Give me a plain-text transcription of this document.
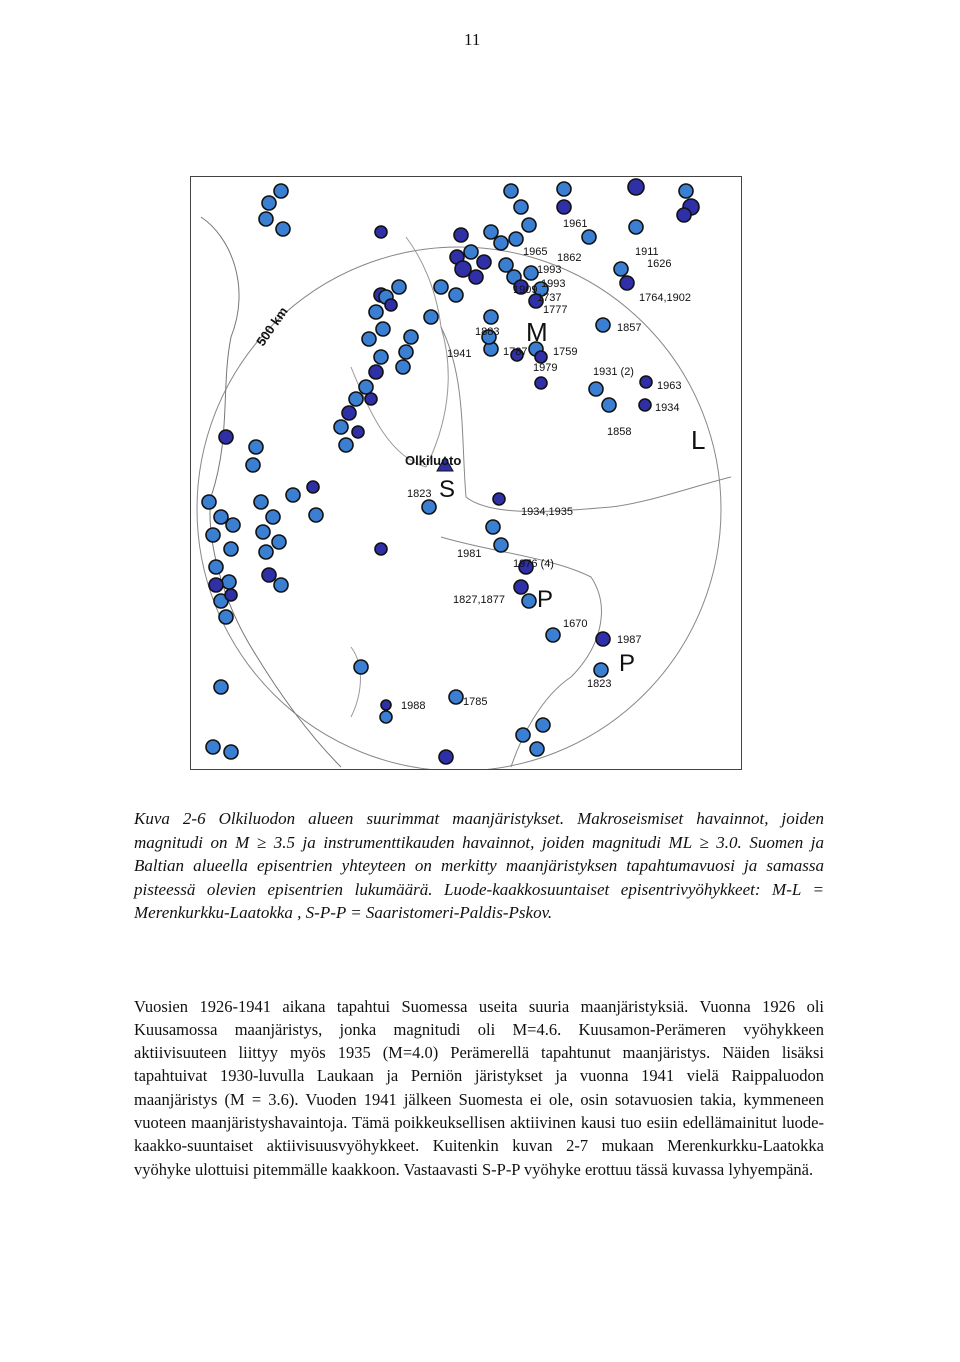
11
500 km
Olkiluoto
M
L
S
P
P
1961
1965 1862	1911
1626
1993
1993
1909
1737
1777
1764,1902
1883	1857
1941	1787 1759
1979	1931 (2)
1963
1934
1858
1823
1934,1935
1981
1976 (4)
1827,1877
1670
1987
1823
1988	1785

Kuva 2-6 Olkiluodon alueen suurimmat maanjäristykset. Makroseismiset havainnot, joiden magnitudi on M ≥ 3.5 ja instrumenttikauden havainnot, joiden magnitudi ML ≥ 3.0. Suomen ja Baltian alueella episentrien yhteyteen on merkitty maanjäristyksen tapahtumavuosi ja samassa pisteessä olevien episentrien lukumäärä. Luode-kaakkosuuntaiset episentrivyöhykkeet: M-L = Merenkurkku-Laatokka , S-P-P = Saaristomeri-Paldis-Pskov.

Vuosien 1926-1941 aikana tapahtui Suomessa useita suuria maanjäristyksiä. Vuonna 1926 oli Kuusamossa maanjäristys, jonka magnitudi oli M=4.6. Kuusamon-Perämeren vyöhykkeen aktiivisuuteen liittyy myös 1935 (M=4.0) Perämerellä tapahtunut maanjäristys. Näiden lisäksi tapahtuivat 1930-luvulla Laukaan ja Perniön järistykset ja vuonna 1941 vielä Raippaluodon maanjäristys (M = 3.6). Vuoden 1941 jälkeen Suomesta ei ole, osin sotavuosien takia, kymmeneen vuoteen maanjäristyshavaintoja. Tämä poikkeuksellisen aktiivinen kausi tuo esiin edellämainitut luode-kaakko-suuntaiset aktiivisuusvyöhykkeet. Kuitenkin kuvan 2-7 mukaan Merenkurkku-Laatokka vyöhyke ulottuisi pitemmälle kaakkoon. Vastaavasti S-P-P vyöhyke erottuu tässä kuvassa lyhyempänä.
